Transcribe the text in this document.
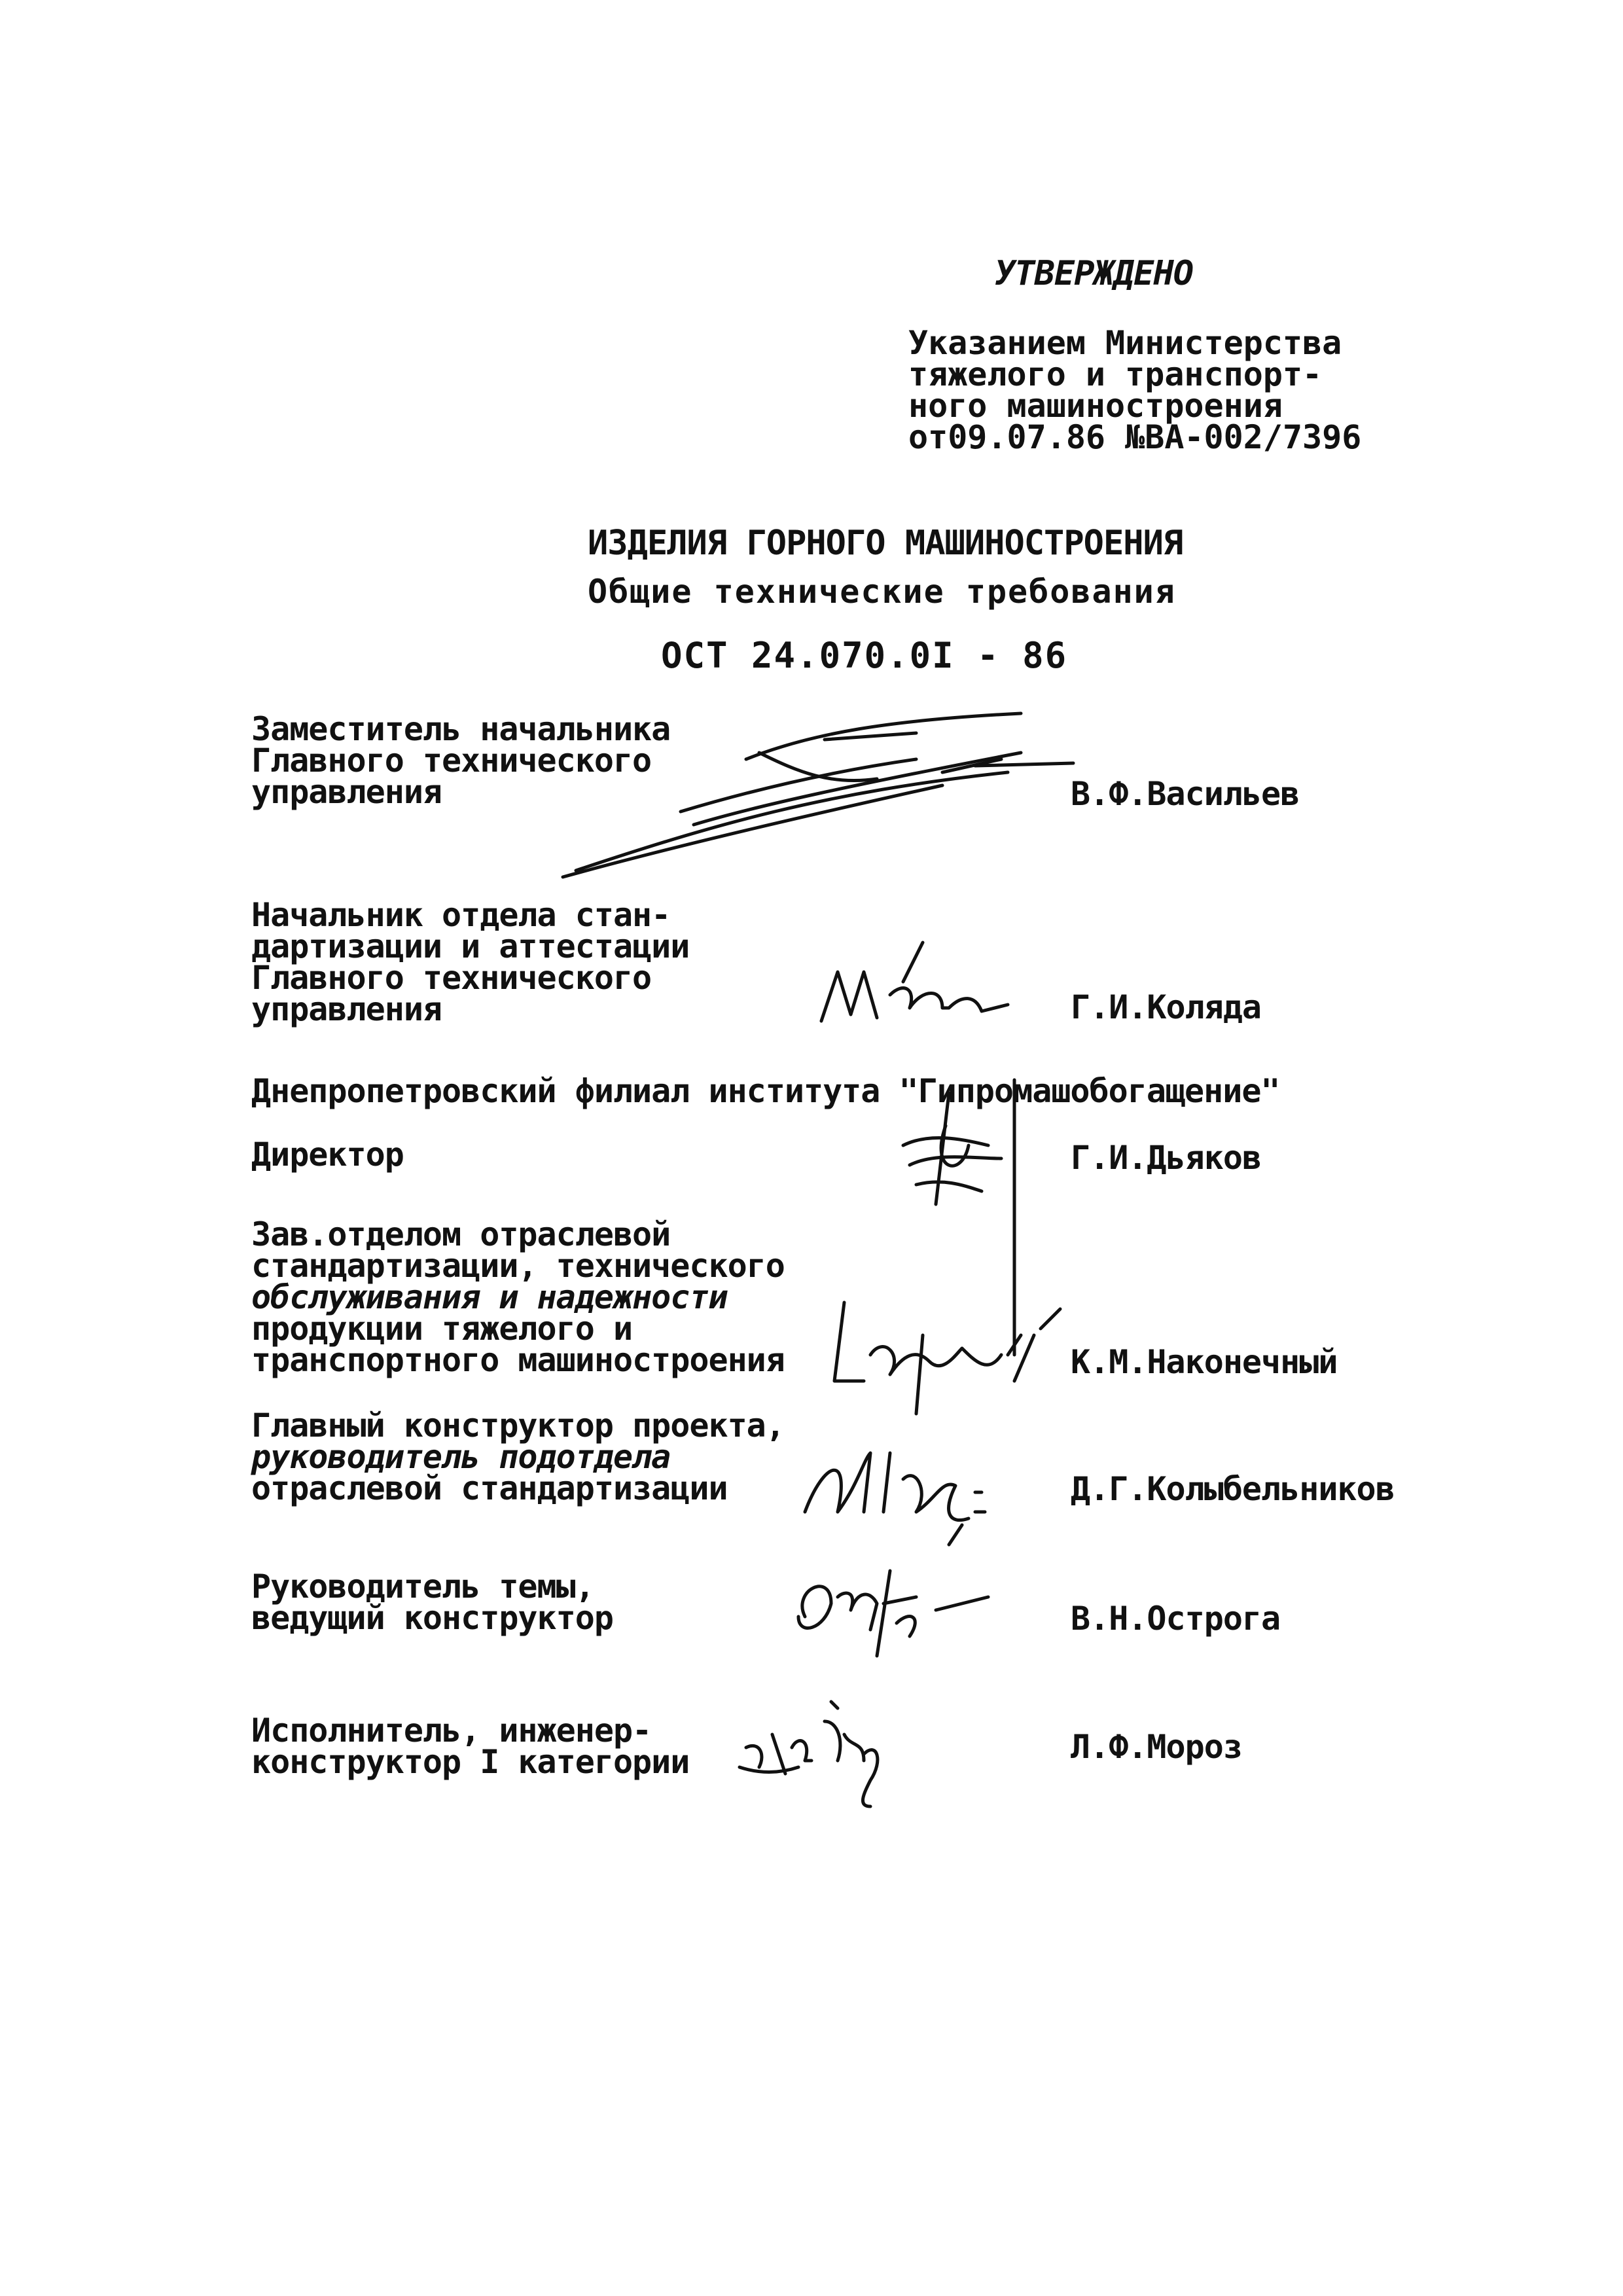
УТВЕРЖДЕНО
Указанием Министерства
тяжелого и транспорт-
ного машиностроения
от09.07.86 №ВА-002/7396
ИЗДЕЛИЯ ГОРНОГО МАШИНОСТРОЕНИЯ
Общие технические требования
ОСТ 24.070.0I - 86
Заместитель начальника
Главного технического
управления	В.Ф.Васильев
Начальник отдела стан-
дартизации и аттестации
Главного технического
управления	Г.И.Коляда
Днепропетровский филиал института "Гипромашобогащение"
Директор	Г.И.Дьяков
Зав.отделом отраслевой
стандартизации, технического
обслуживания и надежности
продукции тяжелого и
транспортного машиностроения	К.М.Наконечный
Главный конструктор проекта,
руководитель подотдела
отраслевой стандартизации	Д.Г.Колыбельников
Руководитель темы,
ведущий конструктор	В.Н.Острога
Исполнитель, инженер-
конструктор I категории	Л.Ф.Мороз
